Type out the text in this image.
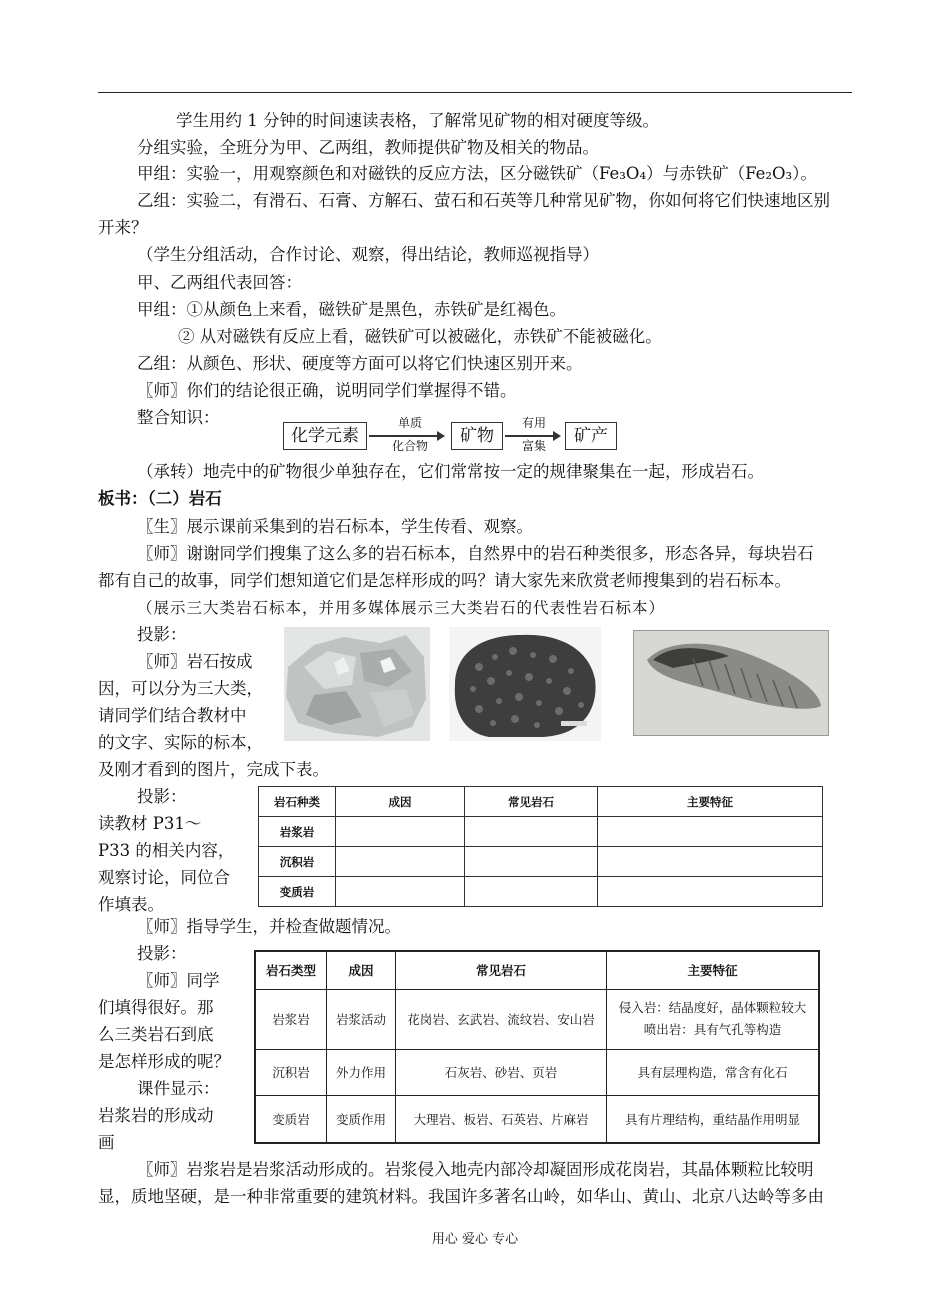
学生用约 1 分钟的时间速读表格，了解常见矿物的相对硬度等级。
分组实验，全班分为甲、乙两组，教师提供矿物及相关的物品。
甲组：实验一，用观察颜色和对磁铁的反应方法，区分磁铁矿（Fe₃O₄）与赤铁矿（Fe₂O₃）。
乙组：实验二，有滑石、石膏、方解石、萤石和石英等几种常见矿物，你如何将它们快速地区别
开来？
（学生分组活动，合作讨论、观察，得出结论，教师巡视指导）
甲、乙两组代表回答：
甲组：①从颜色上来看，磁铁矿是黑色，赤铁矿是红褐色。
② 从对磁铁有反应上看，磁铁矿可以被磁化，赤铁矿不能被磁化。
乙组：从颜色、形状、硬度等方面可以将它们快速区别开来。
〖师〗你们的结论很正确，说明同学们掌握得不错。
整合知识：
化学元素
单质
化合物	矿物
有用
富集	矿产
（承转）地壳中的矿物很少单独存在，它们常常按一定的规律聚集在一起，形成岩石。
板书：（二）岩石
〖生〗展示课前采集到的岩石标本，学生传看、观察。
〖师〗谢谢同学们搜集了这么多的岩石标本，自然界中的岩石种类很多，形态各异，每块岩石
都有自己的故事，同学们想知道它们是怎样形成的吗？请大家先来欣赏老师搜集到的岩石标本。
（展示三大类岩石标本，并用多媒体展示三大类岩石的代表性岩石标本）
投影：
〖师〗岩石按成
因，可以分为三大类，
请同学们结合教材中
的文字、实际的标本，
及刚才看到的图片，完成下表。
投影：
读教材 P31～
P33 的相关内容，
观察讨论，同位合
作填表。
岩石种类	成因	常见岩石	主要特征
岩浆岩			
沉积岩			
变质岩			
〖师〗指导学生，并检查做题情况。
投影：
〖师〗同学
们填得很好。那
么三类岩石到底
是怎样形成的呢？
课件显示：
岩浆岩的形成动
画
岩石类型	成因	常见岩石	主要特征
岩浆岩	岩浆活动	花岗岩、玄武岩、流纹岩、安山岩	侵入岩：结晶度好，晶体颗粒较大
喷出岩：具有气孔等构造

沉积岩	外力作用	石灰岩、砂岩、页岩	具有层理构造，常含有化石
变质岩	变质作用	大理岩、板岩、石英岩、片麻岩	具有片理结构，重结晶作用明显
〖师〗岩浆岩是岩浆活动形成的。岩浆侵入地壳内部冷却凝固形成花岗岩，其晶体颗粒比较明
显，质地坚硬，是一种非常重要的建筑材料。我国许多著名山岭，如华山、黄山、北京八达岭等多由
用心 爱心 专心
